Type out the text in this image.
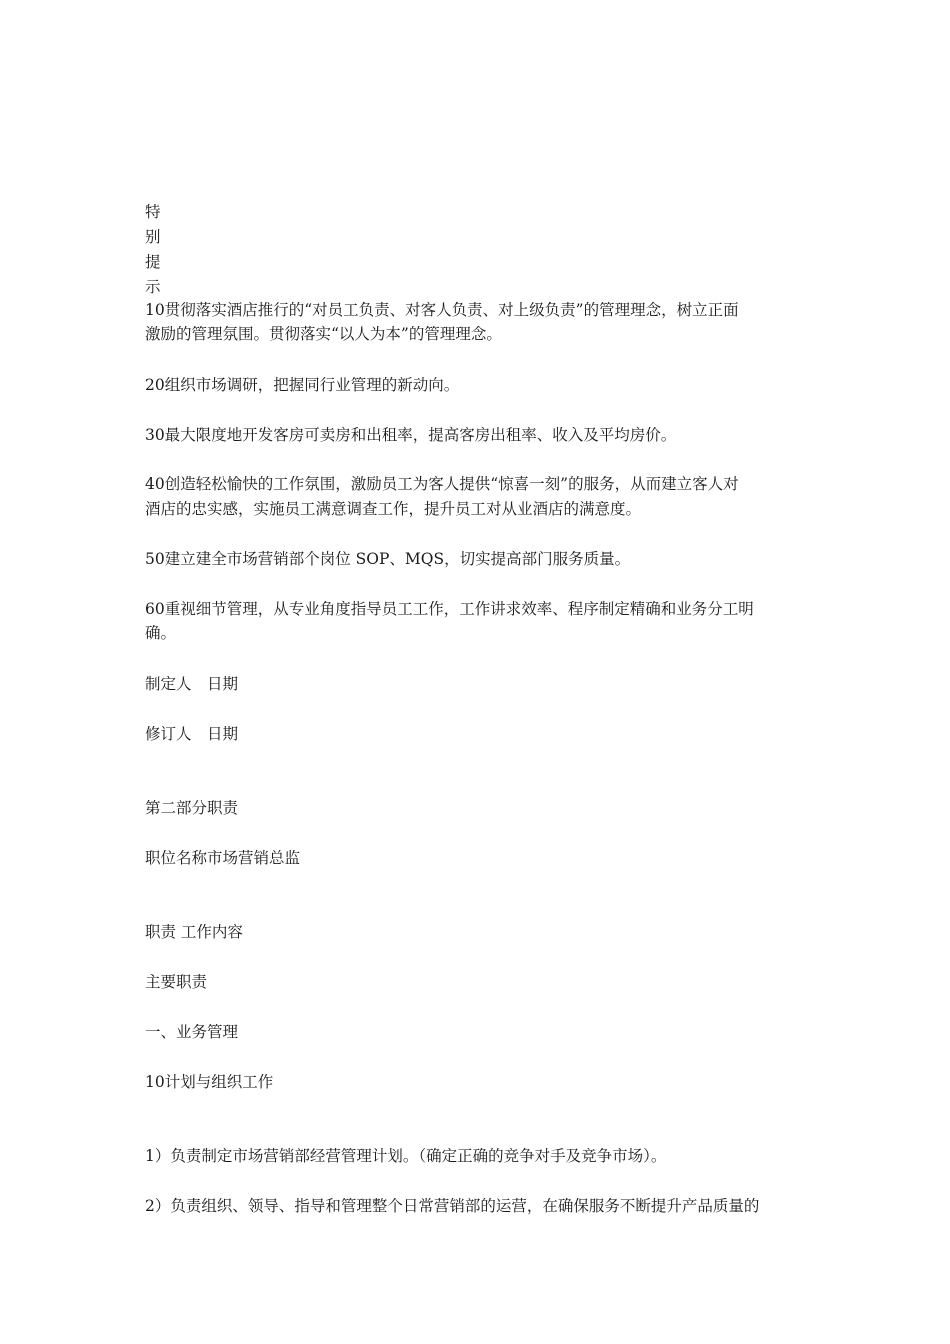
特
别
提
示
10贯彻落实酒店推行的“对员工负责、对客人负责、对上级负责”的管理理念，树立正面
激励的管理氛围。贯彻落实“以人为本”的管理理念。
20组织市场调研，把握同行业管理的新动向。
30最大限度地开发客房可卖房和出租率，提高客房出租率、收入及平均房价。
40创造轻松愉快的工作氛围，激励员工为客人提供“惊喜一刻”的服务，从而建立客人对
酒店的忠实感，实施员工满意调查工作，提升员工对从业酒店的满意度。
50建立建全市场营销部个岗位 SOP、MQS，切实提高部门服务质量。
60重视细节管理，从专业角度指导员工工作，工作讲求效率、程序制定精确和业务分工明
确。
制定人　日期
修订人　日期
第二部分职责
职位名称市场营销总监
职责 工作内容
主要职责
一、业务管理
10计划与组织工作
1）负责制定市场营销部经营管理计划。（确定正确的竞争对手及竞争市场）。
2）负责组织、领导、指导和管理整个日常营销部的运营，在确保服务不断提升产品质量的
